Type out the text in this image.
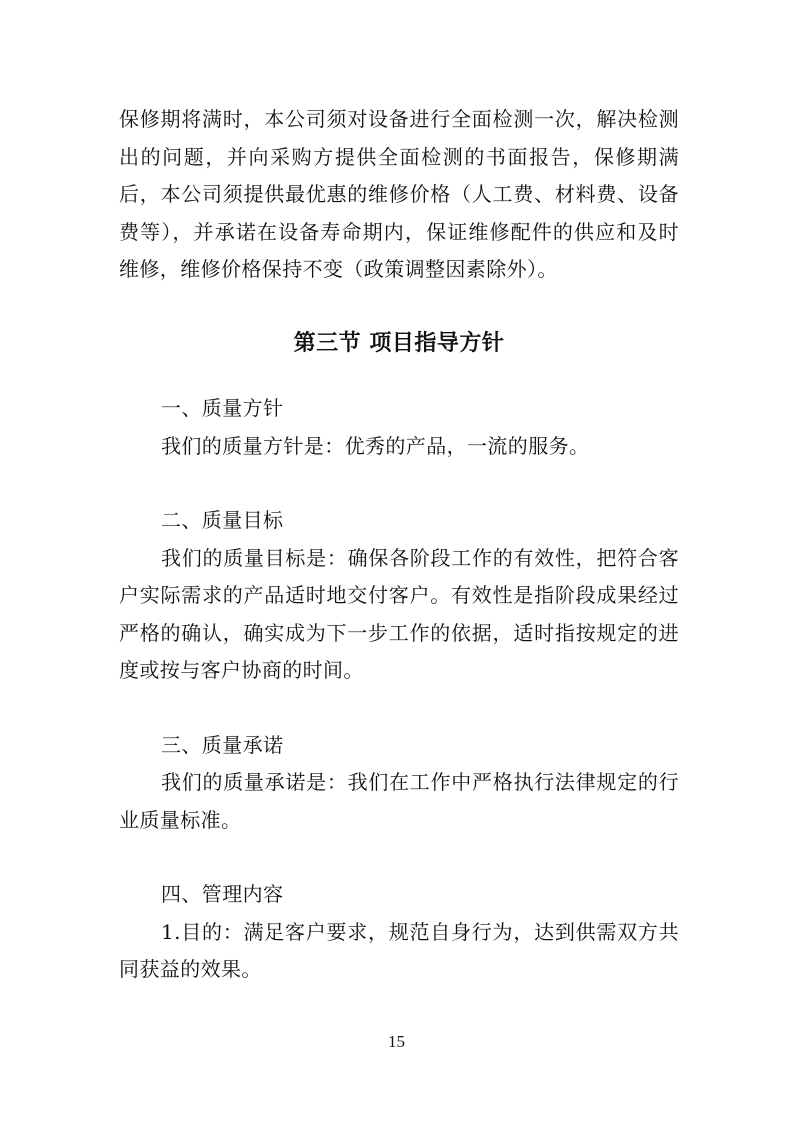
保修期将满时，本公司须对设备进行全面检测一次，解决检测出的问题，并向采购方提供全面检测的书面报告，保修期满后，本公司须提供最优惠的维修价格（人工费、材料费、设备费等），并承诺在设备寿命期内，保证维修配件的供应和及时维修，维修价格保持不变（政策调整因素除外）。

第三节 项目指导方针

一、质量方针

我们的质量方针是：优秀的产品，一流的服务。

二、质量目标

我们的质量目标是：确保各阶段工作的有效性，把符合客户实际需求的产品适时地交付客户。有效性是指阶段成果经过严格的确认，确实成为下一步工作的依据，适时指按规定的进度或按与客户协商的时间。

三、质量承诺

我们的质量承诺是：我们在工作中严格执行法律规定的行业质量标准。

四、管理内容

1.目的：满足客户要求，规范自身行为，达到供需双方共同获益的效果。

15
